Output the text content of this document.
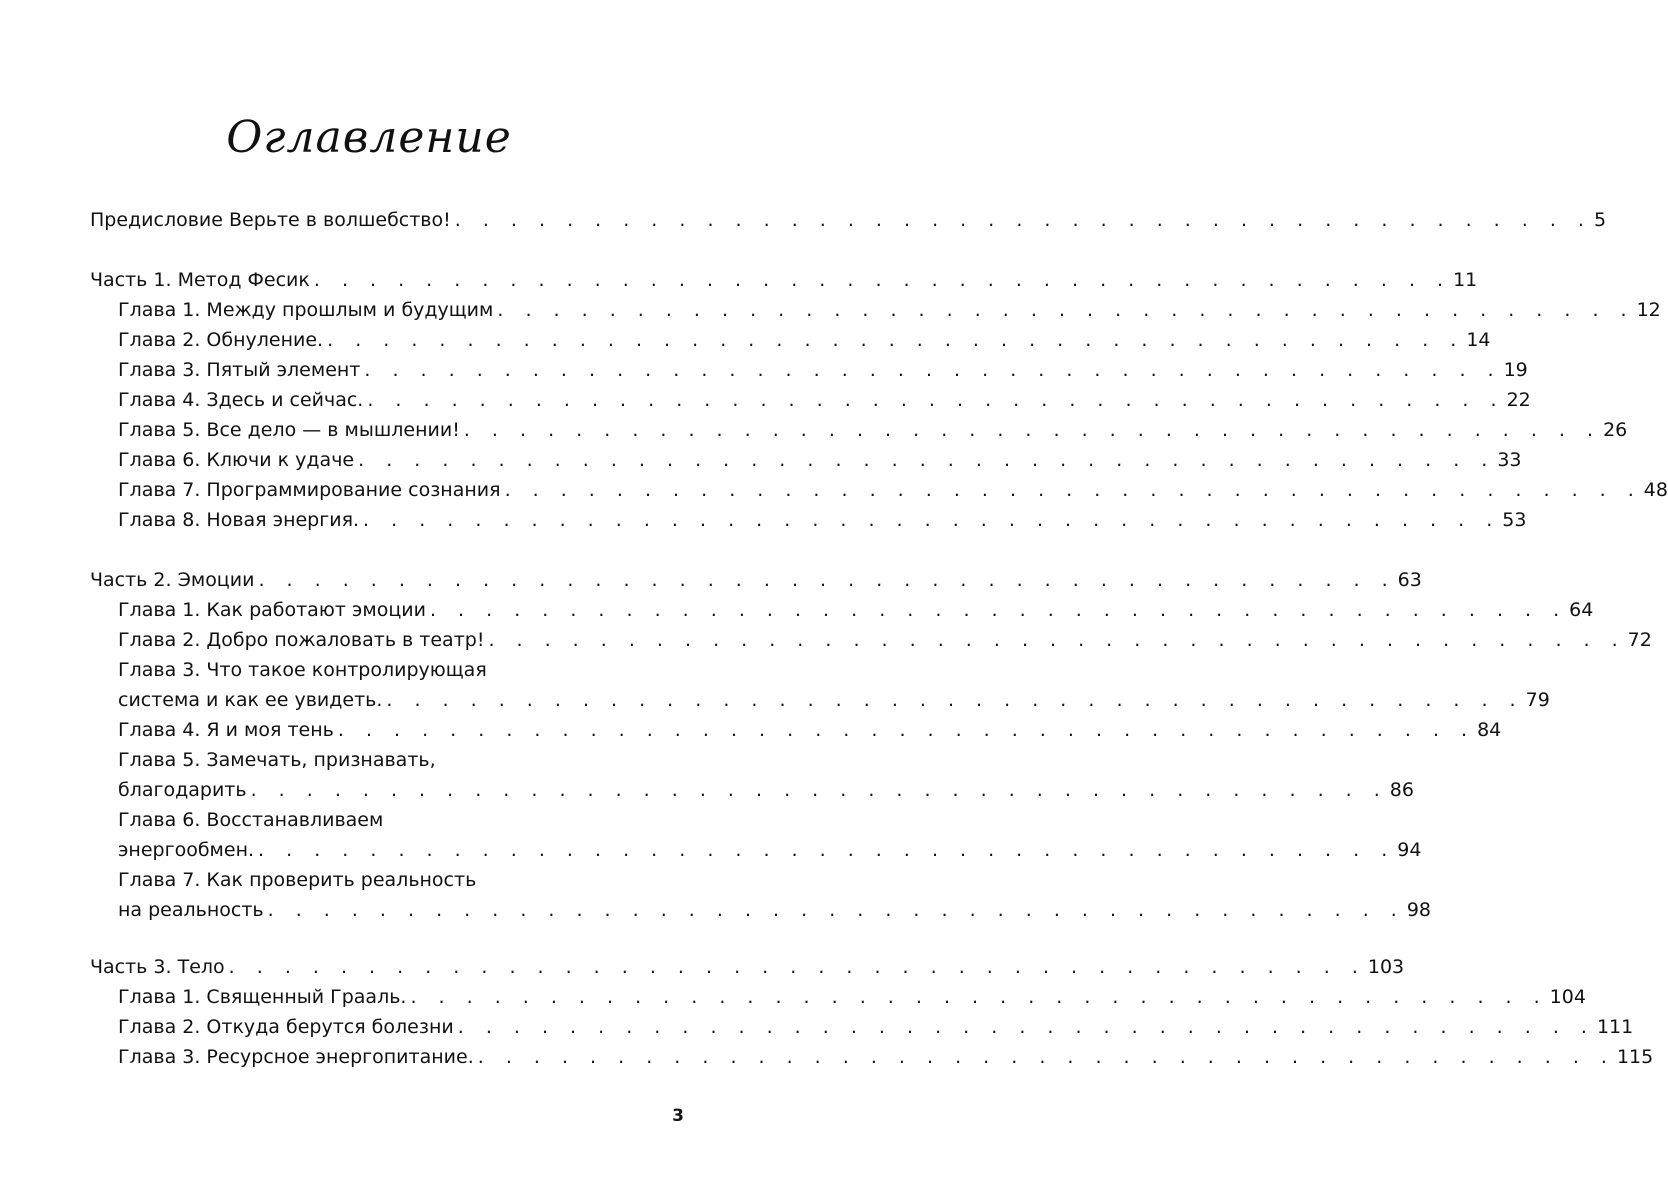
Оглавление
Предисловие Верьте в волшебство! . . . . . . . . . . . . . . . . . . . . . . . . . . . . . . . . . . . . . . . . . 5
Часть 1. Метод Фесик . . . . . . . . . . . . . . . . . . . . . . . . . . . . . . . . . . . . . . . . . 11
Глава 1. Между прошлым и будущим . . . . . . . . . . . . . . . . . . . . . . . . . . . . . . . . . . . . . . . . . 12
Глава 2. Обнуление. . . . . . . . . . . . . . . . . . . . . . . . . . . . . . . . . . . . . . . . . . 14
Глава 3. Пятый элемент . . . . . . . . . . . . . . . . . . . . . . . . . . . . . . . . . . . . . . . . . 19
Глава 4. Здесь и сейчас. . . . . . . . . . . . . . . . . . . . . . . . . . . . . . . . . . . . . . . . . . 22
Глава 5. Все дело — в мышлении! . . . . . . . . . . . . . . . . . . . . . . . . . . . . . . . . . . . . . . . . . 26
Глава 6. Ключи к удаче . . . . . . . . . . . . . . . . . . . . . . . . . . . . . . . . . . . . . . . . . 33
Глава 7. Программирование сознания . . . . . . . . . . . . . . . . . . . . . . . . . . . . . . . . . . . . . . . . . 48
Глава 8. Новая энергия. . . . . . . . . . . . . . . . . . . . . . . . . . . . . . . . . . . . . . . . . . 53
Часть 2. Эмоции . . . . . . . . . . . . . . . . . . . . . . . . . . . . . . . . . . . . . . . . . 63
Глава 1. Как работают эмоции . . . . . . . . . . . . . . . . . . . . . . . . . . . . . . . . . . . . . . . . . 64
Глава 2. Добро пожаловать в театр! . . . . . . . . . . . . . . . . . . . . . . . . . . . . . . . . . . . . . . . . . 72
Глава 3. Что такое контролирующая
система и как ее увидеть. . . . . . . . . . . . . . . . . . . . . . . . . . . . . . . . . . . . . . . . . . 79
Глава 4. Я и моя тень . . . . . . . . . . . . . . . . . . . . . . . . . . . . . . . . . . . . . . . . . 84
Глава 5. Замечать, признавать,
благодарить . . . . . . . . . . . . . . . . . . . . . . . . . . . . . . . . . . . . . . . . . 86
Глава 6. Восстанавливаем
энергообмен. . . . . . . . . . . . . . . . . . . . . . . . . . . . . . . . . . . . . . . . . . 94
Глава 7. Как проверить реальность
на реальность . . . . . . . . . . . . . . . . . . . . . . . . . . . . . . . . . . . . . . . . . 98
Часть 3. Тело . . . . . . . . . . . . . . . . . . . . . . . . . . . . . . . . . . . . . . . . . 103
Глава 1. Священный Грааль. . . . . . . . . . . . . . . . . . . . . . . . . . . . . . . . . . . . . . . . . . 104
Глава 2. Откуда берутся болезни . . . . . . . . . . . . . . . . . . . . . . . . . . . . . . . . . . . . . . . . . 111
Глава 3. Ресурсное энергопитание. . . . . . . . . . . . . . . . . . . . . . . . . . . . . . . . . . . . . . . . . . 115
3
